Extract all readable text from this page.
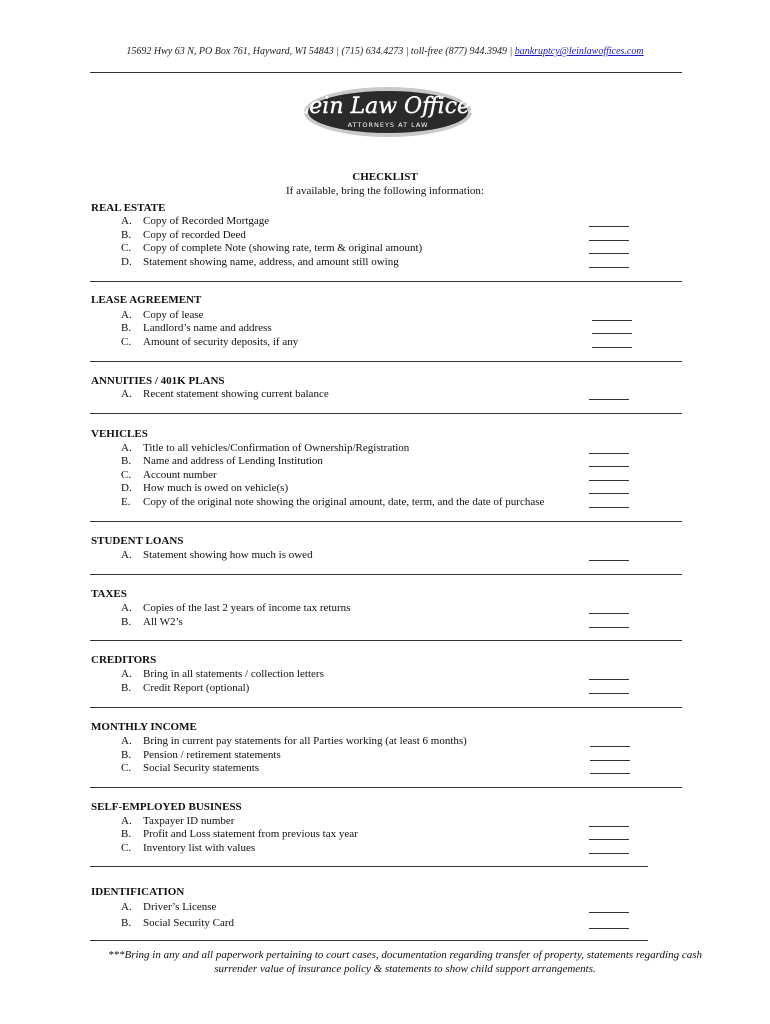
15692 Hwy 63 N, PO Box 761, Hayward, WI 54843 | (715) 634.4273 | toll-free (877) 944.3949 | bankruptcy@leinlawoffices.com
Lein Law Offices
ATTORNEYS AT LAW
CHECKLIST
If available, bring the following information:
REAL ESTATE
A. Copy of Recorded Mortgage
B. Copy of recorded Deed
C. Copy of complete Note (showing rate, term & original amount)
D. Statement showing name, address, and amount still owing
LEASE AGREEMENT
A. Copy of lease
B. Landlord’s name and address
C. Amount of security deposits, if any
ANNUITIES / 401K PLANS
A. Recent statement showing current balance
VEHICLES
A. Title to all vehicles/Confirmation of Ownership/Registration
B. Name and address of Lending Institution
C. Account number
D. How much is owed on vehicle(s)
E. Copy of the original note showing the original amount, date, term, and the date of purchase
STUDENT LOANS
A. Statement showing how much is owed
TAXES
A. Copies of the last 2 years of income tax returns
B. All W2’s
CREDITORS
A. Bring in all statements / collection letters
B. Credit Report (optional)
MONTHLY INCOME
A. Bring in current pay statements for all Parties working (at least 6 months)
B. Pension / retirement statements
C. Social Security statements
SELF-EMPLOYED BUSINESS
A. Taxpayer ID number
B. Profit and Loss statement from previous tax year
C. Inventory list with values
IDENTIFICATION
A. Driver’s License
B. Social Security Card
***Bring in any and all paperwork pertaining to court cases, documentation regarding transfer of property, statements regarding cash surrender value of insurance policy & statements to show child support arrangements.
